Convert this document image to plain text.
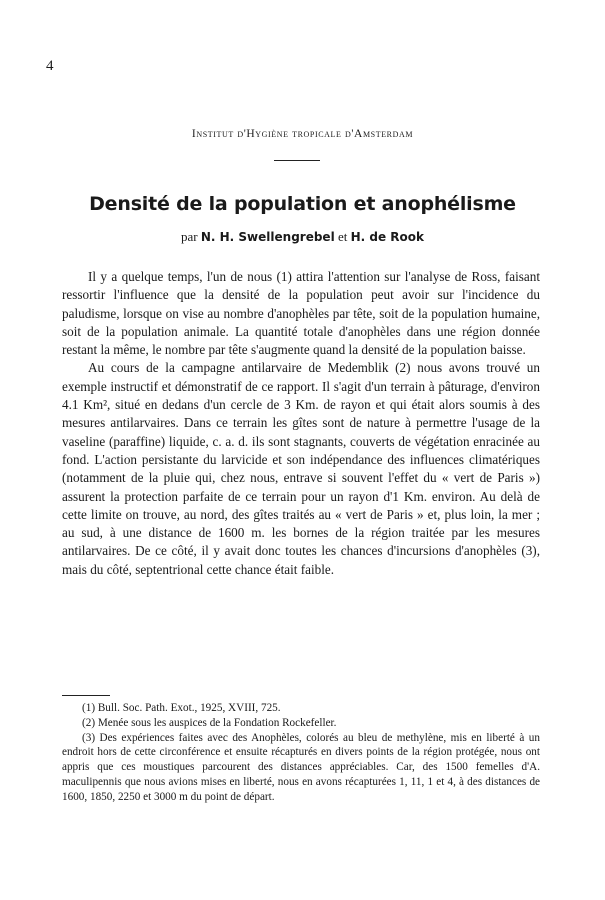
4
Institut d'Hygiène tropicale d'Amsterdam
Densité de la population et anophélisme
par N. H. Swellengrebel et H. de Rook

Il y a quelque temps, l'un de nous (1) attira l'attention sur l'analyse de Ross, faisant ressortir l'influence que la densité de la population peut avoir sur l'incidence du paludisme, lorsque on vise au nombre d'anophèles par tête, soit de la population humaine, soit de la population animale. La quantité totale d'anophèles dans une région donnée restant la même, le nombre par tête s'augmente quand la densité de la population baisse.

Au cours de la campagne antilarvaire de Medemblik (2) nous avons trouvé un exemple instructif et démonstratif de ce rapport. Il s'agit d'un terrain à pâturage, d'environ 4.1 Km², situé en dedans d'un cercle de 3 Km. de rayon et qui était alors soumis à des mesures antilarvaires. Dans ce terrain les gîtes sont de nature à permettre l'usage de la vaseline (paraffine) liquide, c. a. d. ils sont stagnants, couverts de végétation enracinée au fond. L'action persistante du larvicide et son indépendance des influences climatériques (notamment de la pluie qui, chez nous, entrave si souvent l'effet du « vert de Paris ») assurent la protection parfaite de ce terrain pour un rayon d'1 Km. environ. Au delà de cette limite on trouve, au nord, des gîtes traités au « vert de Paris » et, plus loin, la mer ; au sud, à une distance de 1600 m. les bornes de la région traitée par les mesures antilarvaires. De ce côté, il y avait donc toutes les chances d'incursions d'anophèles (3), mais du côté, septentrional cette chance était faible.

(1) Bull. Soc. Path. Exot., 1925, XVIII, 725.

(2) Menée sous les auspices de la Fondation Rockefeller.

(3) Des expériences faites avec des Anophèles, colorés au bleu de methylène, mis en liberté à un endroit hors de cette circonférence et ensuite récapturés en divers points de la région protégée, nous ont appris que ces moustiques parcourent des distances appréciables. Car, des 1500 femelles d'A. maculipennis que nous avions mises en liberté, nous en avons récapturées 1, 11, 1 et 4, à des distances de 1600, 1850, 2250 et 3000 m du point de départ.
